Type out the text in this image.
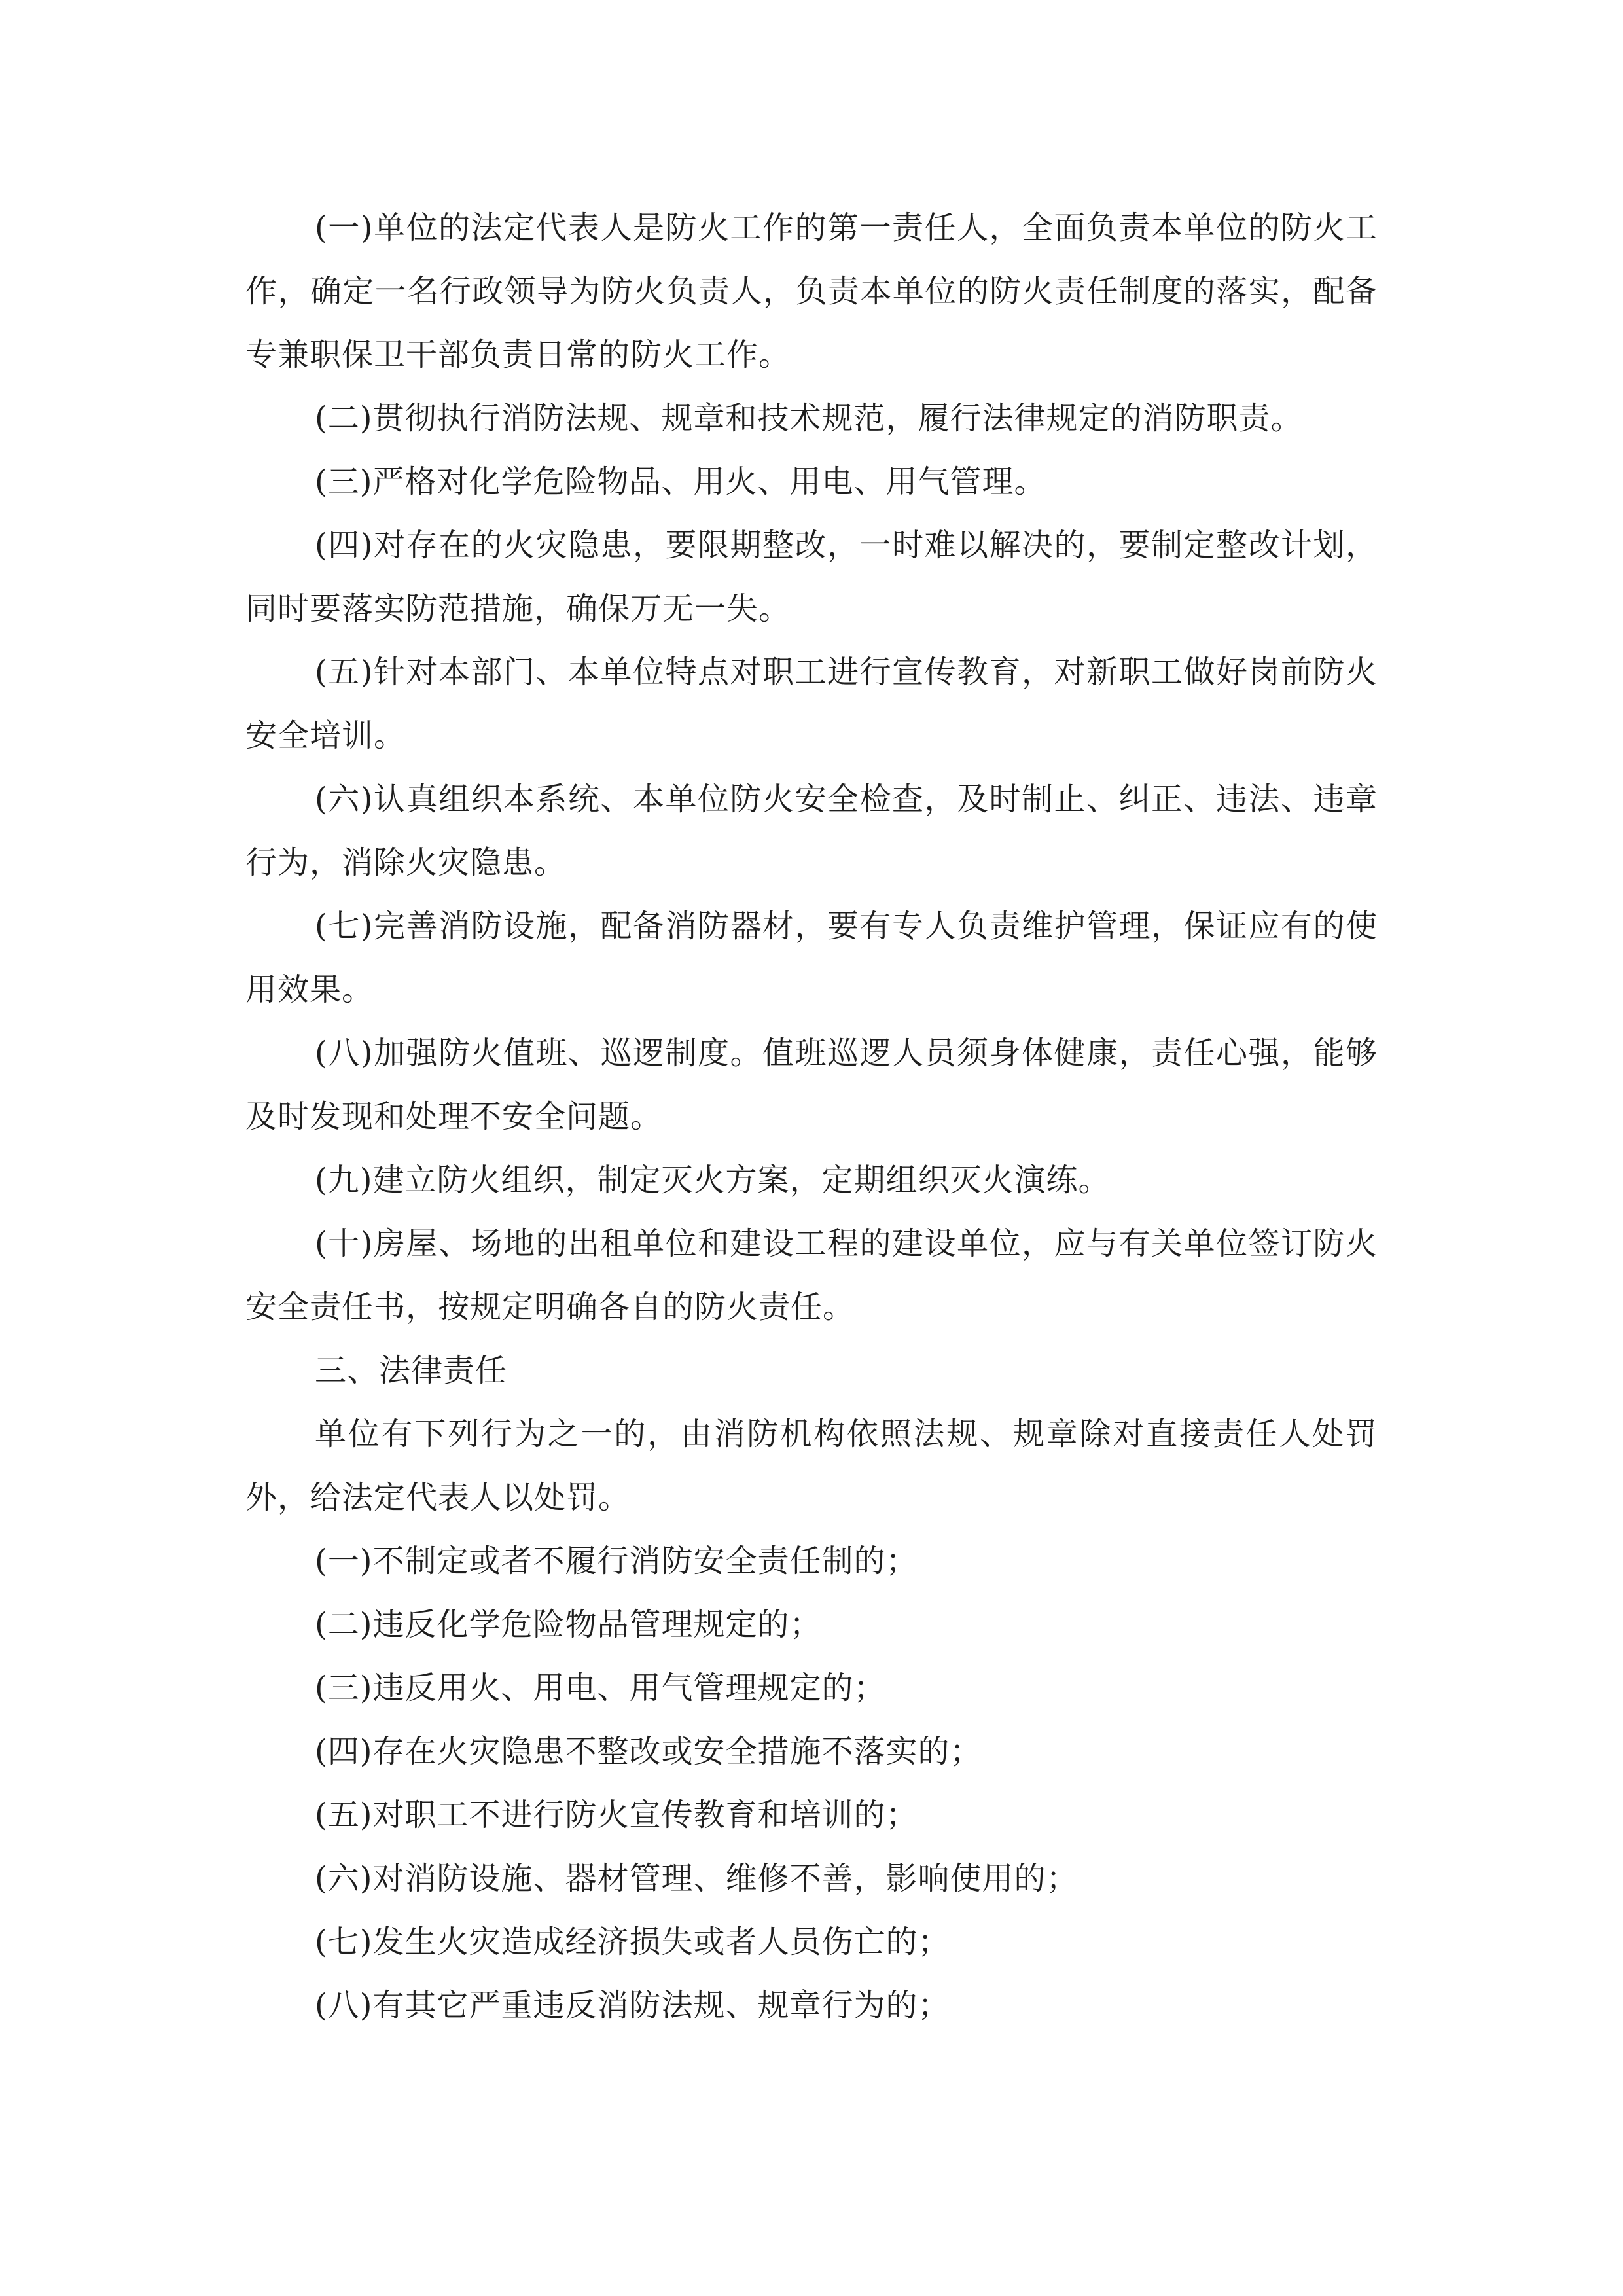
(一)单位的法定代表人是防火工作的第一责任人，全面负责本单位的防火工作，确定一名行政领导为防火负责人，负责本单位的防火责任制度的落实，配备专兼职保卫干部负责日常的防火工作。

(二)贯彻执行消防法规、规章和技术规范，履行法律规定的消防职责。

(三)严格对化学危险物品、用火、用电、用气管理。

(四)对存在的火灾隐患，要限期整改，一时难以解决的，要制定整改计划，同时要落实防范措施，确保万无一失。

(五)针对本部门、本单位特点对职工进行宣传教育，对新职工做好岗前防火安全培训。

(六)认真组织本系统、本单位防火安全检查，及时制止、纠正、违法、违章行为，消除火灾隐患。

(七)完善消防设施，配备消防器材，要有专人负责维护管理，保证应有的使用效果。

(八)加强防火值班、巡逻制度。值班巡逻人员须身体健康，责任心强，能够及时发现和处理不安全问题。

(九)建立防火组织，制定灭火方案，定期组织灭火演练。

(十)房屋、场地的出租单位和建设工程的建设单位，应与有关单位签订防火安全责任书，按规定明确各自的防火责任。

三、法律责任

单位有下列行为之一的，由消防机构依照法规、规章除对直接责任人处罚外，给法定代表人以处罚。

(一)不制定或者不履行消防安全责任制的；

(二)违反化学危险物品管理规定的；

(三)违反用火、用电、用气管理规定的；

(四)存在火灾隐患不整改或安全措施不落实的；

(五)对职工不进行防火宣传教育和培训的；

(六)对消防设施、器材管理、维修不善，影响使用的；

(七)发生火灾造成经济损失或者人员伤亡的；

(八)有其它严重违反消防法规、规章行为的；
